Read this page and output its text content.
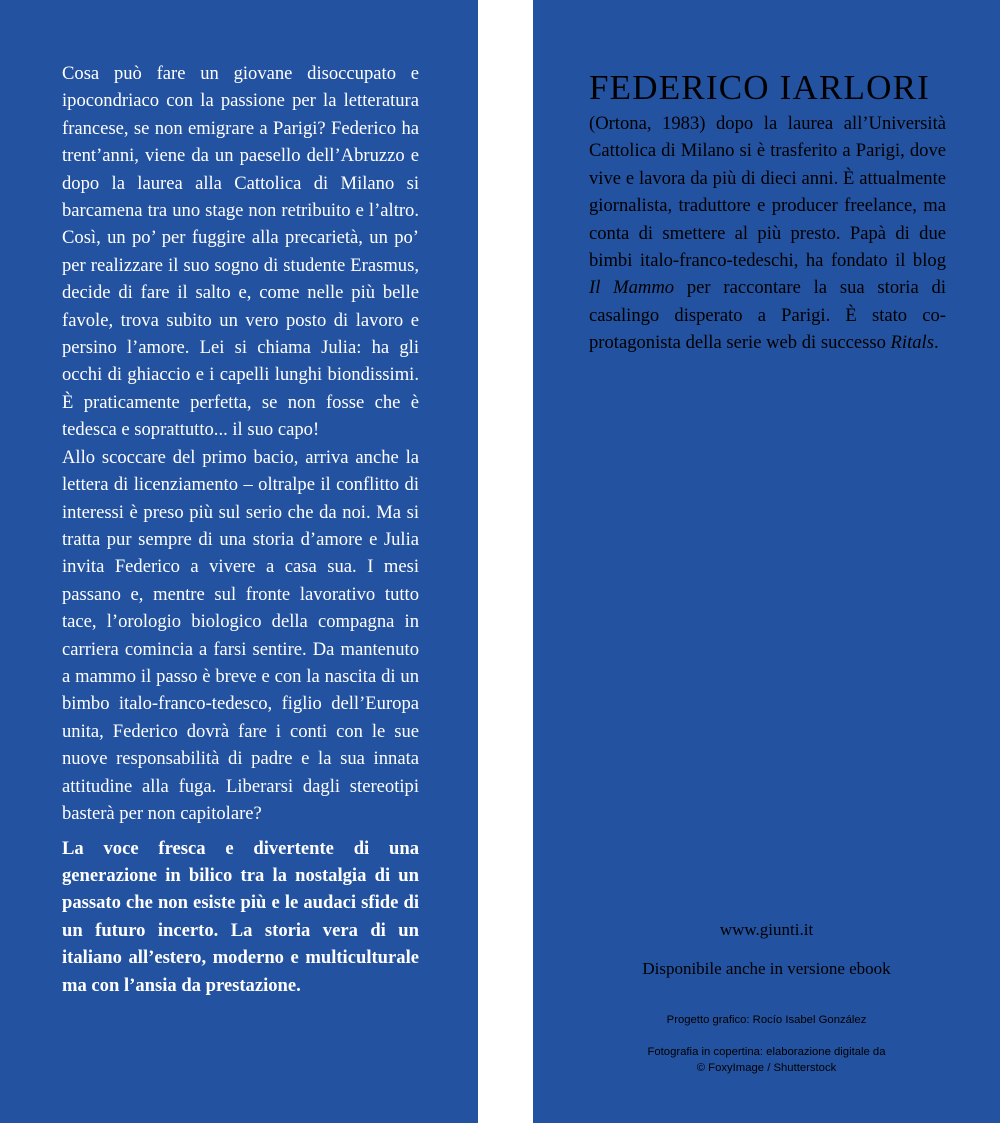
Cosa può fare un giovane disoccupato e ipocondriaco con la passione per la letteratura francese, se non emigrare a Parigi? Federico ha trent’anni, viene da un paesello dell’Abruzzo e dopo la laurea alla Cattolica di Milano si barcamena tra uno stage non retribuito e l’altro. Così, un po’ per fuggire alla precarietà, un po’ per realizzare il suo sogno di studente Erasmus, decide di fare il salto e, come nelle più belle favole, trova subito un vero posto di lavoro e persino l’amore. Lei si chiama Julia: ha gli occhi di ghiaccio e i capelli lunghi biondissimi. È praticamente perfetta, se non fosse che è tedesca e soprattutto... il suo capo!

Allo scoccare del primo bacio, arriva anche la lettera di licenziamento – oltralpe il conflitto di interessi è preso più sul serio che da noi. Ma si tratta pur sempre di una storia d’amore e Julia invita Federico a vivere a casa sua. I mesi passano e, mentre sul fronte lavorativo tutto tace, l’orologio biologico della compagna in carriera comincia a farsi sentire. Da mantenuto a mammo il passo è breve e con la nascita di un bimbo italo-franco-tedesco, figlio dell’Europa unita, Federico dovrà fare i conti con le sue nuove responsabilità di padre e la sua innata attitudine alla fuga. Liberarsi dagli stereotipi basterà per non capitolare?

La voce fresca e divertente di una generazione in bilico tra la nostalgia di un passato che non esiste più e le audaci sfide di un futuro incerto. La storia vera di un italiano all’estero, moderno e multiculturale ma con l’ansia da prestazione.

FEDERICO IARLORI

(Ortona, 1983) dopo la laurea all’Università Cattolica di Milano si è trasferito a Parigi, dove vive e lavora da più di dieci anni. È attualmente giornalista, traduttore e producer freelance, ma conta di smettere al più presto. Papà di due bimbi italo-franco-tedeschi, ha fondato il blog Il Mammo per raccontare la sua storia di casalingo disperato a Parigi. È stato co-protagonista della serie web di successo Ritals.

www.giunti.it
Disponibile anche in versione ebook
Progetto grafico: Rocío Isabel González
Fotografia in copertina: elaborazione digitale da
© FoxyImage / Shutterstock
